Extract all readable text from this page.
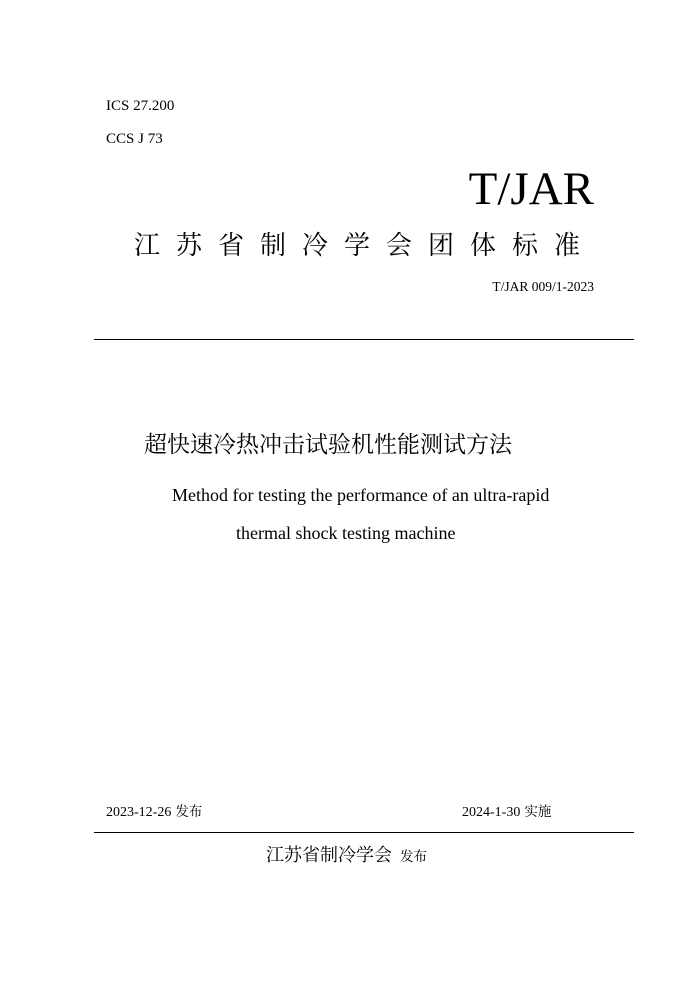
ICS 27.200
CCS J 73
T/JAR
江苏省制冷学会团体标准
T/JAR 009/1-2023
超快速冷热冲击试验机性能测试方法
Method for testing the performance of an ultra-rapid
thermal shock testing machine
2023-12-26 发布	2024-1-30 实施
江苏省制冷学会 发布
